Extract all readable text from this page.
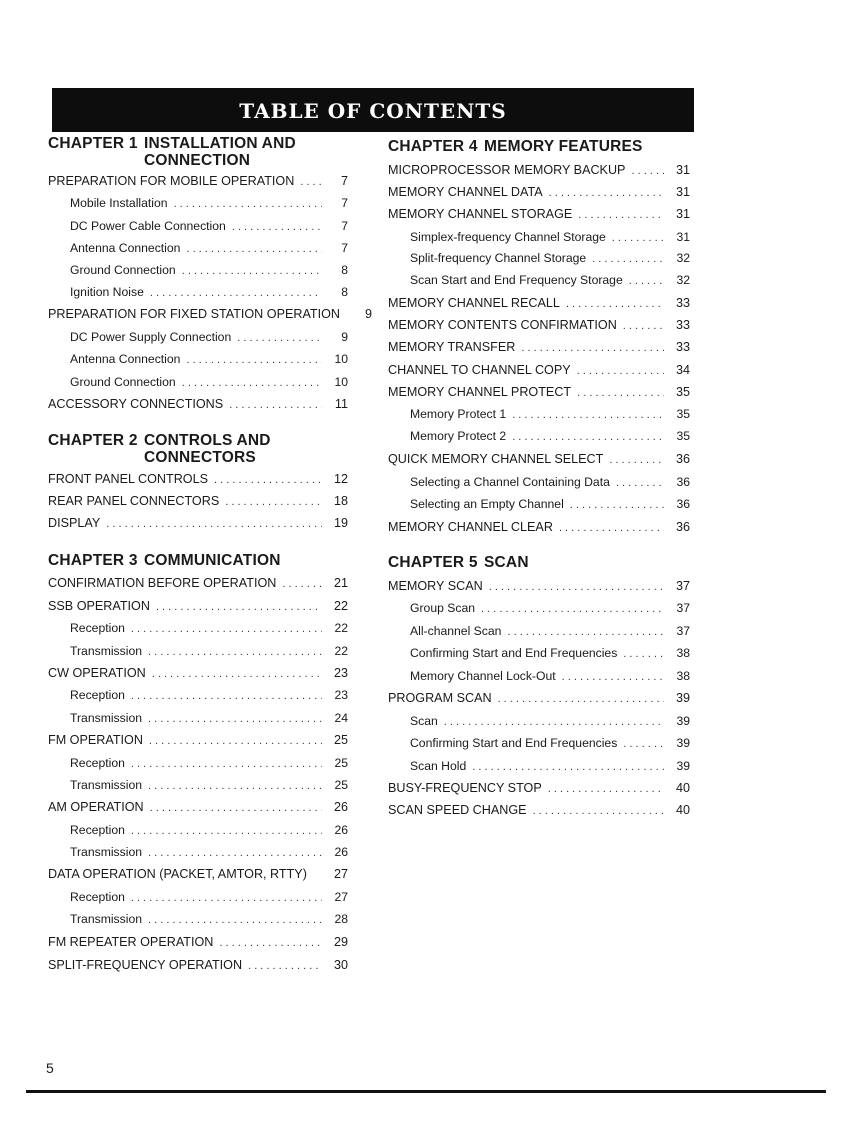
TABLE OF CONTENTS
CHAPTER 1 INSTALLATION AND
CONNECTION
PREPARATION FOR MOBILE OPERATION . . .	7
Mobile Installation . . .	7
DC Power Cable Connection . . .	7
Antenna Connection . . .	7
Ground Connection . . .	8
Ignition Noise . . .	8
PREPARATION FOR FIXED STATION OPERATION	9
DC Power Supply Connection . . .	9
Antenna Connection . . .	10
Ground Connection . . .	10
ACCESSORY CONNECTIONS . . .	11
CHAPTER 2 CONTROLS AND
CONNECTORS
FRONT PANEL CONTROLS . . .	12
REAR PANEL CONNECTORS . . .	18
DISPLAY . . .	19
CHAPTER 3 COMMUNICATION
CONFIRMATION BEFORE OPERATION . . .	21
SSB OPERATION . . .	22
Reception . . .	22
Transmission . . .	22
CW OPERATION . . .	23
Reception . . .	23
Transmission . . .	24
FM OPERATION . . .	25
Reception . . .	25
Transmission . . .	25
AM OPERATION . . .	26
Reception . . .	26
Transmission . . .	26
DATA OPERATION (PACKET, AMTOR, RTTY)	27
Reception . . .	27
Transmission . . .	28
FM REPEATER OPERATION . . .	29
SPLIT-FREQUENCY OPERATION . . .	30
CHAPTER 4 MEMORY FEATURES
MICROPROCESSOR MEMORY BACKUP . . .	31
MEMORY CHANNEL DATA . . .	31
MEMORY CHANNEL STORAGE . . .	31
Simplex-frequency Channel Storage . . .	31
Split-frequency Channel Storage . . .	32
Scan Start and End Frequency Storage . . .	32
MEMORY CHANNEL RECALL . . .	33
MEMORY CONTENTS CONFIRMATION . . .	33
MEMORY TRANSFER . . .	33
CHANNEL TO CHANNEL COPY . . .	34
MEMORY CHANNEL PROTECT . . .	35
Memory Protect 1 . . .	35
Memory Protect 2 . . .	35
QUICK MEMORY CHANNEL SELECT . . .	36
Selecting a Channel Containing Data . . .	36
Selecting an Empty Channel . . .	36
MEMORY CHANNEL CLEAR . . .	36
CHAPTER 5 SCAN
MEMORY SCAN . . .	37
Group Scan . . .	37
All-channel Scan . . .	37
Confirming Start and End Frequencies . . .	38
Memory Channel Lock-Out . . .	38
PROGRAM SCAN . . .	39
Scan . . .	39
Confirming Start and End Frequencies . . .	39
Scan Hold . . .	39
BUSY-FREQUENCY STOP . . .	40
SCAN SPEED CHANGE . . .	40
5
